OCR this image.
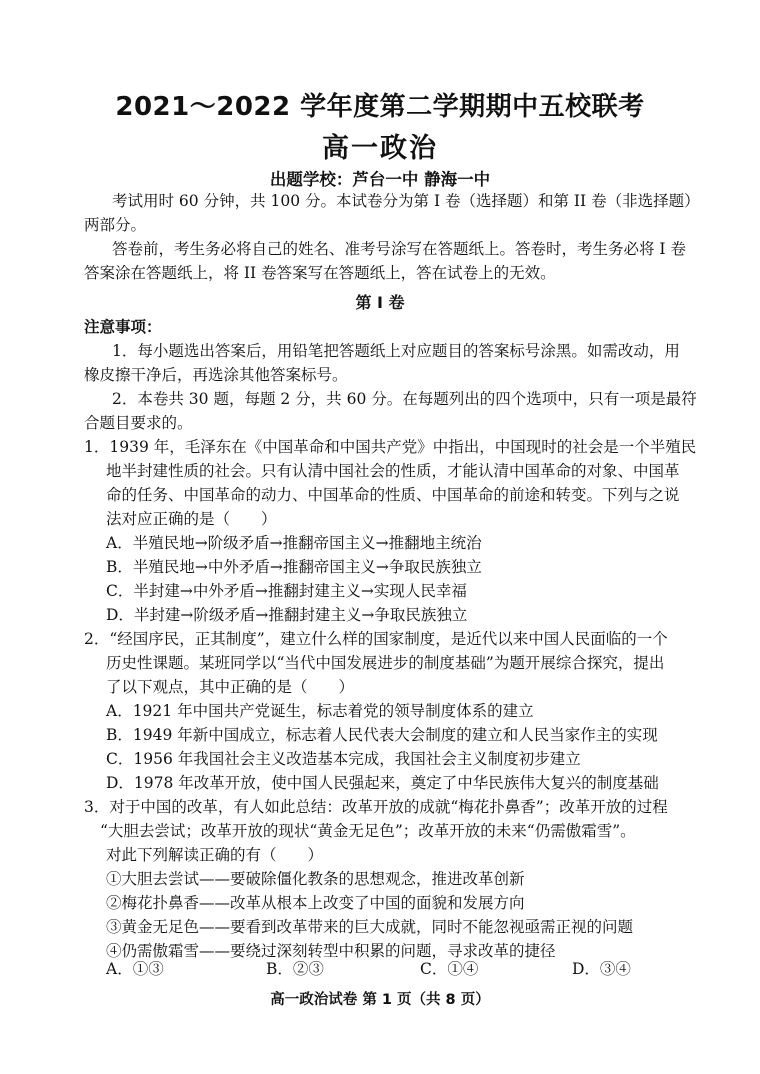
2021～2022 学年度第二学期期中五校联考
高一政治
出题学校：芦台一中 静海一中
考试用时 60 分钟，共 100 分。本试卷分为第 I 卷（选择题）和第 II 卷（非选择题）
两部分。
答卷前，考生务必将自己的姓名、准考号涂写在答题纸上。答卷时，考生务必将 I 卷
答案涂在答题纸上，将 II 卷答案写在答题纸上，答在试卷上的无效。
第 Ⅰ 卷
注意事项：
1．每小题选出答案后，用铅笔把答题纸上对应题目的答案标号涂黑。如需改动，用
橡皮擦干净后，再选涂其他答案标号。
2．本卷共 30 题，每题 2 分，共 60 分。在每题列出的四个选项中，只有一项是最符
合题目要求的。
1．1939 年，毛泽东在《中国革命和中国共产党》中指出，中国现时的社会是一个半殖民
地半封建性质的社会。只有认清中国社会的性质，才能认清中国革命的对象、中国革
命的任务、中国革命的动力、中国革命的性质、中国革命的前途和转变。下列与之说
法对应正确的是（　　）
A．半殖民地→阶级矛盾→推翻帝国主义→推翻地主统治
B．半殖民地→中外矛盾→推翻帝国主义→争取民族独立
C．半封建→中外矛盾→推翻封建主义→实现人民幸福
D．半封建→阶级矛盾→推翻封建主义→争取民族独立
2．“经国序民，正其制度”，建立什么样的国家制度，是近代以来中国人民面临的一个
历史性课题。某班同学以“当代中国发展进步的制度基础”为题开展综合探究，提出
了以下观点，其中正确的是（　　）
A．1921 年中国共产党诞生，标志着党的领导制度体系的建立
B．1949 年新中国成立，标志着人民代表大会制度的建立和人民当家作主的实现
C．1956 年我国社会主义改造基本完成，我国社会主义制度初步建立
D．1978 年改革开放，使中国人民强起来，奠定了中华民族伟大复兴的制度基础
3．对于中国的改革，有人如此总结：改革开放的成就“梅花扑鼻香”；改革开放的过程
“大胆去尝试；改革开放的现状“黄金无足色”；改革开放的未来“仍需傲霜雪”。
对此下列解读正确的有（　　）
①大胆去尝试——要破除僵化教条的思想观念，推进改革创新
②梅花扑鼻香——改革从根本上改变了中国的面貌和发展方向
③黄金无足色——要看到改革带来的巨大成就，同时不能忽视亟需正视的问题
④仍需傲霜雪——要绕过深刻转型中积累的问题，寻求改革的捷径
A．①③	B．②③	C．①④	D．③④
高一政治试卷 第 1 页（共 8 页）
